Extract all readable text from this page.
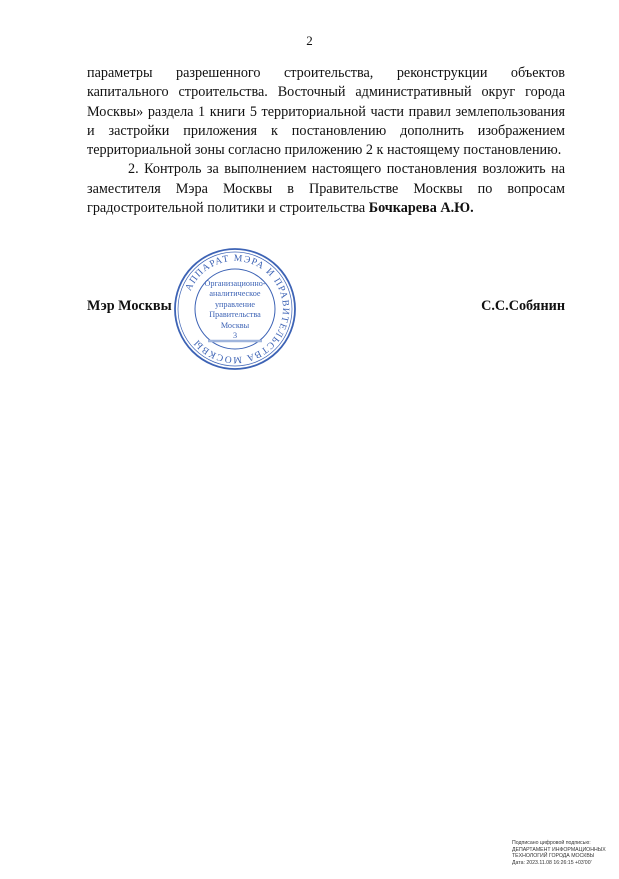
2

параметры разрешенного строительства, реконструкции объектов капитального строительства. Восточный административный округ города Москвы» раздела 1 книги 5 территориальной части правил землепользования и застройки приложения к постановлению дополнить изображением территориальной зоны согласно приложению 2 к настоящему постановлению.

2. Контроль за выполнением настоящего постановления возложить на заместителя Мэра Москвы в Правительстве Москвы по вопросам градостроительной политики и строительства Бочкарева А.Ю.

Мэр Москвы	С.С.Собянин
АППАРАТ МЭРА И ПРАВИТЕЛЬСТВА МОСКВЫ
Организационно-
аналитическое
управление
Правительства
Москвы
3
Подписано цифровой подписью:
ДЕПАРТАМЕНТ ИНФОРМАЦИОННЫХ
ТЕХНОЛОГИЙ ГОРОДА МОСКВЫ
Дата: 2023.11.08 16:26:15 +03'00'
